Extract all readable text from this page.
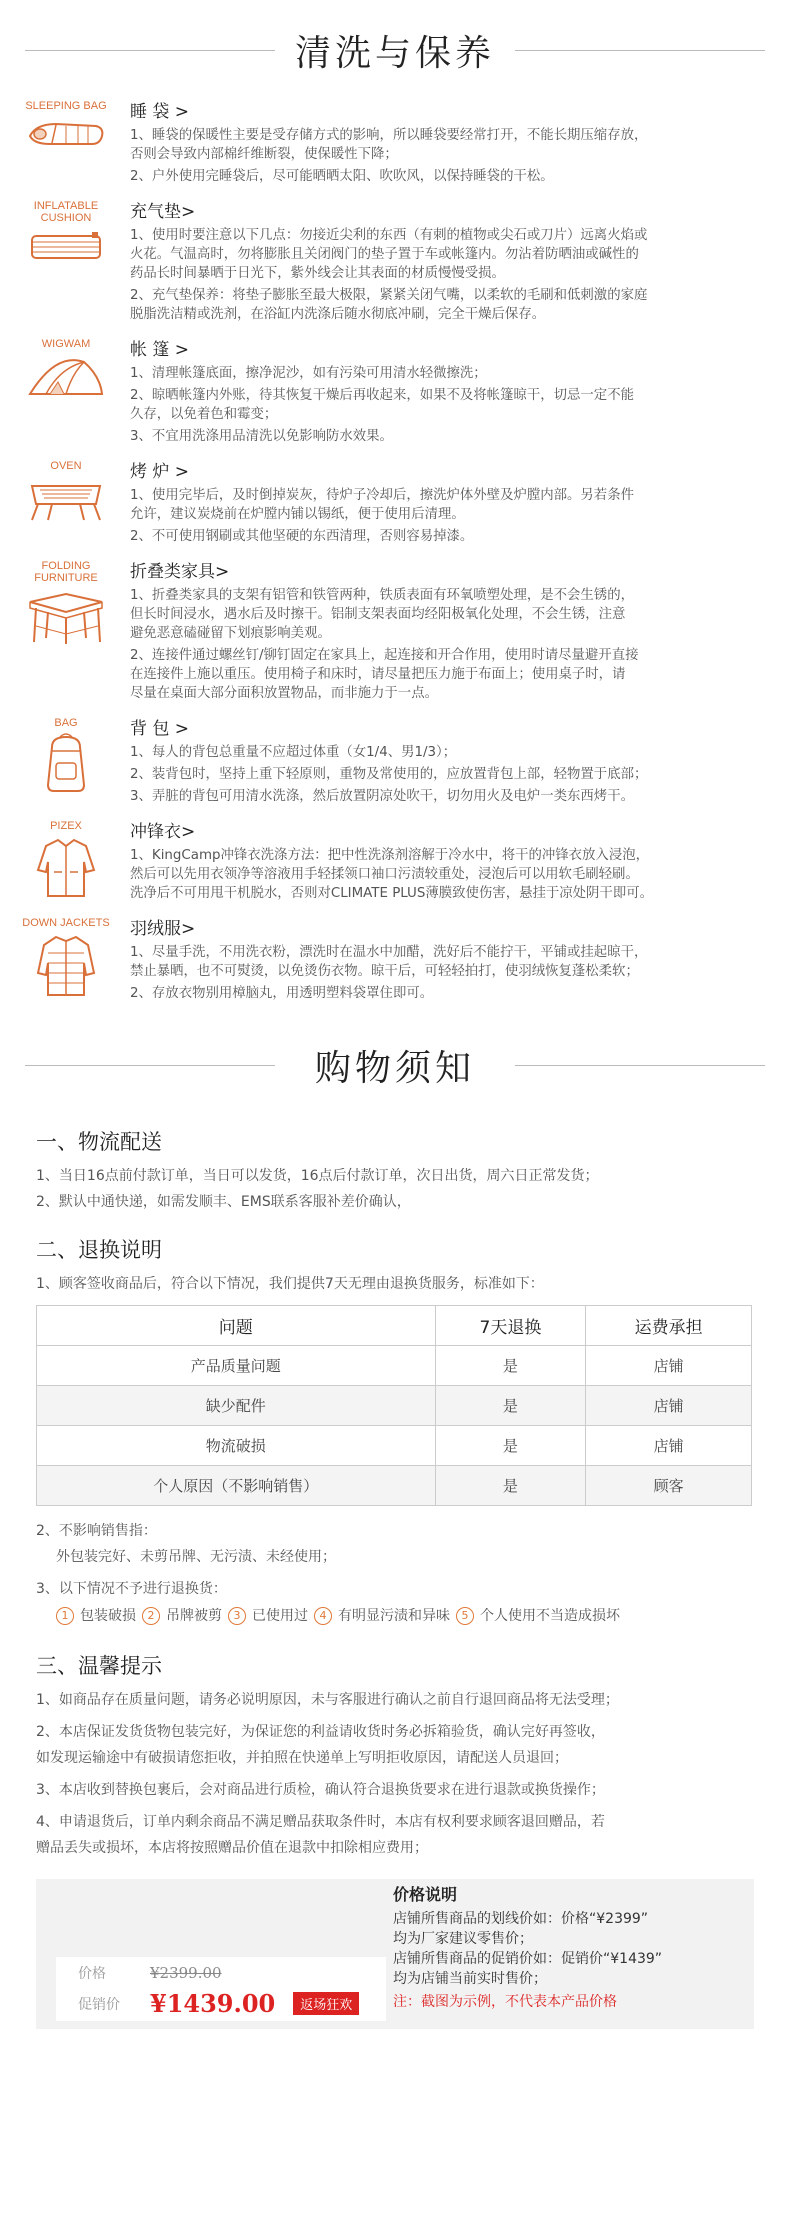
清洗与保养
SLEEPING BAG	睡 袋 >
1、睡袋的保暖性主要是受存储方式的影响，所以睡袋要经常打开，不能长期压缩存放，
否则会导致内部棉纤维断裂，使保暖性下降；
2、户外使用完睡袋后，尽可能晒晒太阳、吹吹风，以保持睡袋的干松。
INFLATABLE CUSHION	充气垫>
1、使用时要注意以下几点：勿接近尖利的东西（有刺的植物或尖石或刀片）远离火焰或
火花。气温高时，勿将膨胀且关闭阀门的垫子置于车或帐篷内。勿沾着防晒油或碱性的
药品长时间暴晒于日光下，紫外线会让其表面的材质慢慢受损。
2、充气垫保养：将垫子膨胀至最大极限，紧紧关闭气嘴，以柔软的毛刷和低刺激的家庭
脱脂洗洁精或洗剂，在浴缸内洗涤后随水彻底冲刷，完全干燥后保存。
WIGWAM	帐 篷 >
1、清理帐篷底面，擦净泥沙，如有污染可用清水轻微擦洗；
2、晾晒帐篷内外账，待其恢复干燥后再收起来，如果不及将帐篷晾干，切忌一定不能
久存，以免着色和霉变；
3、不宜用洗涤用品清洗以免影响防水效果。
OVEN	烤 炉 >
1、使用完毕后，及时倒掉炭灰，待炉子冷却后，擦洗炉体外壁及炉膛内部。另若条件
允许，建议炭烧前在炉膛内铺以锡纸，便于使用后清理。
2、不可使用钢刷或其他坚硬的东西清理，否则容易掉漆。
FOLDING FURNITURE	折叠类家具>
1、折叠类家具的支架有铝管和铁管两种，铁质表面有环氧喷塑处理，是不会生锈的，
但长时间浸水，遇水后及时擦干。铝制支架表面均经阳极氧化处理，不会生锈，注意
避免恶意磕碰留下划痕影响美观。
2、连接件通过螺丝钉/铆钉固定在家具上，起连接和开合作用，使用时请尽量避开直接
在连接件上施以重压。使用椅子和床时，请尽量把压力施于布面上；使用桌子时，请
尽量在桌面大部分面积放置物品，而非施力于一点。
BAG	背 包 >
1、每人的背包总重量不应超过体重（女1/4、男1/3）；
2、装背包时，坚持上重下轻原则，重物及常使用的，应放置背包上部，轻物置于底部；
3、弄脏的背包可用清水洗涤，然后放置阴凉处吹干，切勿用火及电炉一类东西烤干。
PIZEX	冲锋衣>
1、KingCamp冲锋衣洗涤方法：把中性洗涤剂溶解于冷水中，将干的冲锋衣放入浸泡，
然后可以先用衣领净等溶液用手轻揉领口袖口污渍较重处，浸泡后可以用软毛刷轻刷。
洗净后不可用甩干机脱水，否则对CLIMATE PLUS薄膜致使伤害，悬挂于凉处阴干即可。
DOWN JACKETS	羽绒服>
1、尽量手洗，不用洗衣粉，漂洗时在温水中加醋，洗好后不能拧干，平铺或挂起晾干，
禁止暴晒，也不可熨烫，以免烫伤衣物。晾干后，可轻轻拍打，使羽绒恢复蓬松柔软；
2、存放衣物别用樟脑丸，用透明塑料袋罩住即可。
购物须知
一、物流配送
1、当日16点前付款订单，当日可以发货，16点后付款订单，次日出货，周六日正常发货；
2、默认中通快递，如需发顺丰、EMS联系客服补差价确认，
二、退换说明
1、顾客签收商品后，符合以下情况，我们提供7天无理由退换货服务，标准如下：
问题	7天退换	运费承担
产品质量问题	是	店铺
缺少配件	是	店铺
物流破损	是	店铺
个人原因（不影响销售）	是	顾客
2、不影响销售指：
外包装完好、未剪吊牌、无污渍、未经使用；
3、以下情况不予进行退换货：
1 包装破损	2 吊牌被剪	3 已使用过	4 有明显污渍和异味	5 个人使用不当造成损坏
三、温馨提示
1、如商品存在质量问题，请务必说明原因，未与客服进行确认之前自行退回商品将无法受理；
2、本店保证发货货物包装完好，为保证您的利益请收货时务必拆箱验货，确认完好再签收，
如发现运输途中有破损请您拒收，并拍照在快递单上写明拒收原因，请配送人员退回；
3、本店收到替换包裹后，会对商品进行质检，确认符合退换货要求在进行退款或换货操作；
4、申请退货后，订单内剩余商品不满足赠品获取条件时，本店有权利要求顾客退回赠品，若
赠品丢失或损坏，本店将按照赠品价值在退款中扣除相应费用；
价格	¥2399.00
促销价	¥1439.00	返场狂欢
价格说明
店铺所售商品的划线价如：价格“¥2399”
均为厂家建议零售价；
店铺所售商品的促销价如：促销价“¥1439”
均为店铺当前实时售价；
注：截图为示例，不代表本产品价格
